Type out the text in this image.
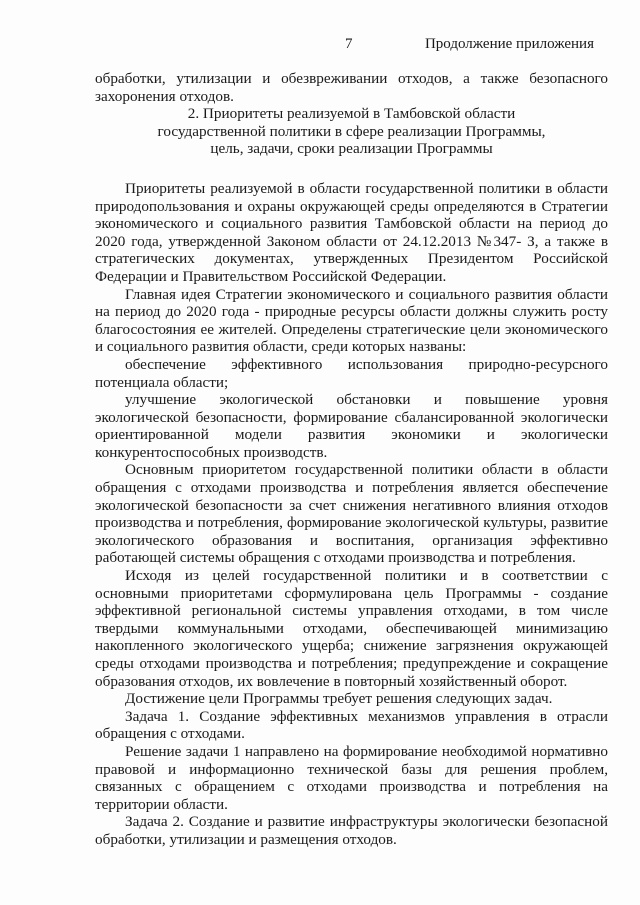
7	Продолжение приложения

обработки, утилизации и обезвреживании отходов, а также безопасного захоронения отходов.

2. Приоритеты реализуемой в Тамбовской области

государственной политики в сфере реализации Программы,

цель, задачи, сроки реализации Программы

Приоритеты реализуемой в области государственной политики в области природопользования и охраны окружающей среды определяются в Стратегии экономического и социального развития Тамбовской области на период до 2020 года, утвержденной Законом области от 24.12.2013 №347- З, а также в стратегических документах, утвержденных Президентом Российской Федерации и Правительством Российской Федерации.

Главная идея Стратегии экономического и социального развития области на период до 2020 года - природные ресурсы области должны служить росту благосостояния ее жителей. Определены стратегические цели экономического и социального развития области, среди которых названы:

обеспечение эффективного использования природно-ресурсного потенциала области;

улучшение экологической обстановки и повышение уровня экологической безопасности, формирование сбалансированной экологически ориентированной модели развития экономики и экологически конкурентоспособных производств.

Основным приоритетом государственной политики области в области обращения с отходами производства и потребления является обеспечение экологической безопасности за счет снижения негативного влияния отходов производства и потребления, формирование экологической культуры, развитие экологического образования и воспитания, организация эффективно работающей системы обращения с отходами производства и потребления.

Исходя из целей государственной политики и в соответствии с основными приоритетами сформулирована цель Программы - создание эффективной региональной системы управления отходами, в том числе твердыми коммунальными отходами, обеспечивающей минимизацию накопленного экологического ущерба; снижение загрязнения окружающей среды отходами производства и потребления; предупреждение и сокращение образования отходов, их вовлечение в повторный хозяйственный оборот.

Достижение цели Программы требует решения следующих задач.

Задача 1. Создание эффективных механизмов управления в отрасли обращения с отходами.

Решение задачи 1 направлено на формирование необходимой нормативно правовой и информационно технической базы для решения проблем, связанных с обращением с отходами производства и потребления на территории области.

Задача 2. Создание и развитие инфраструктуры экологически безопасной обработки, утилизации и размещения отходов.
